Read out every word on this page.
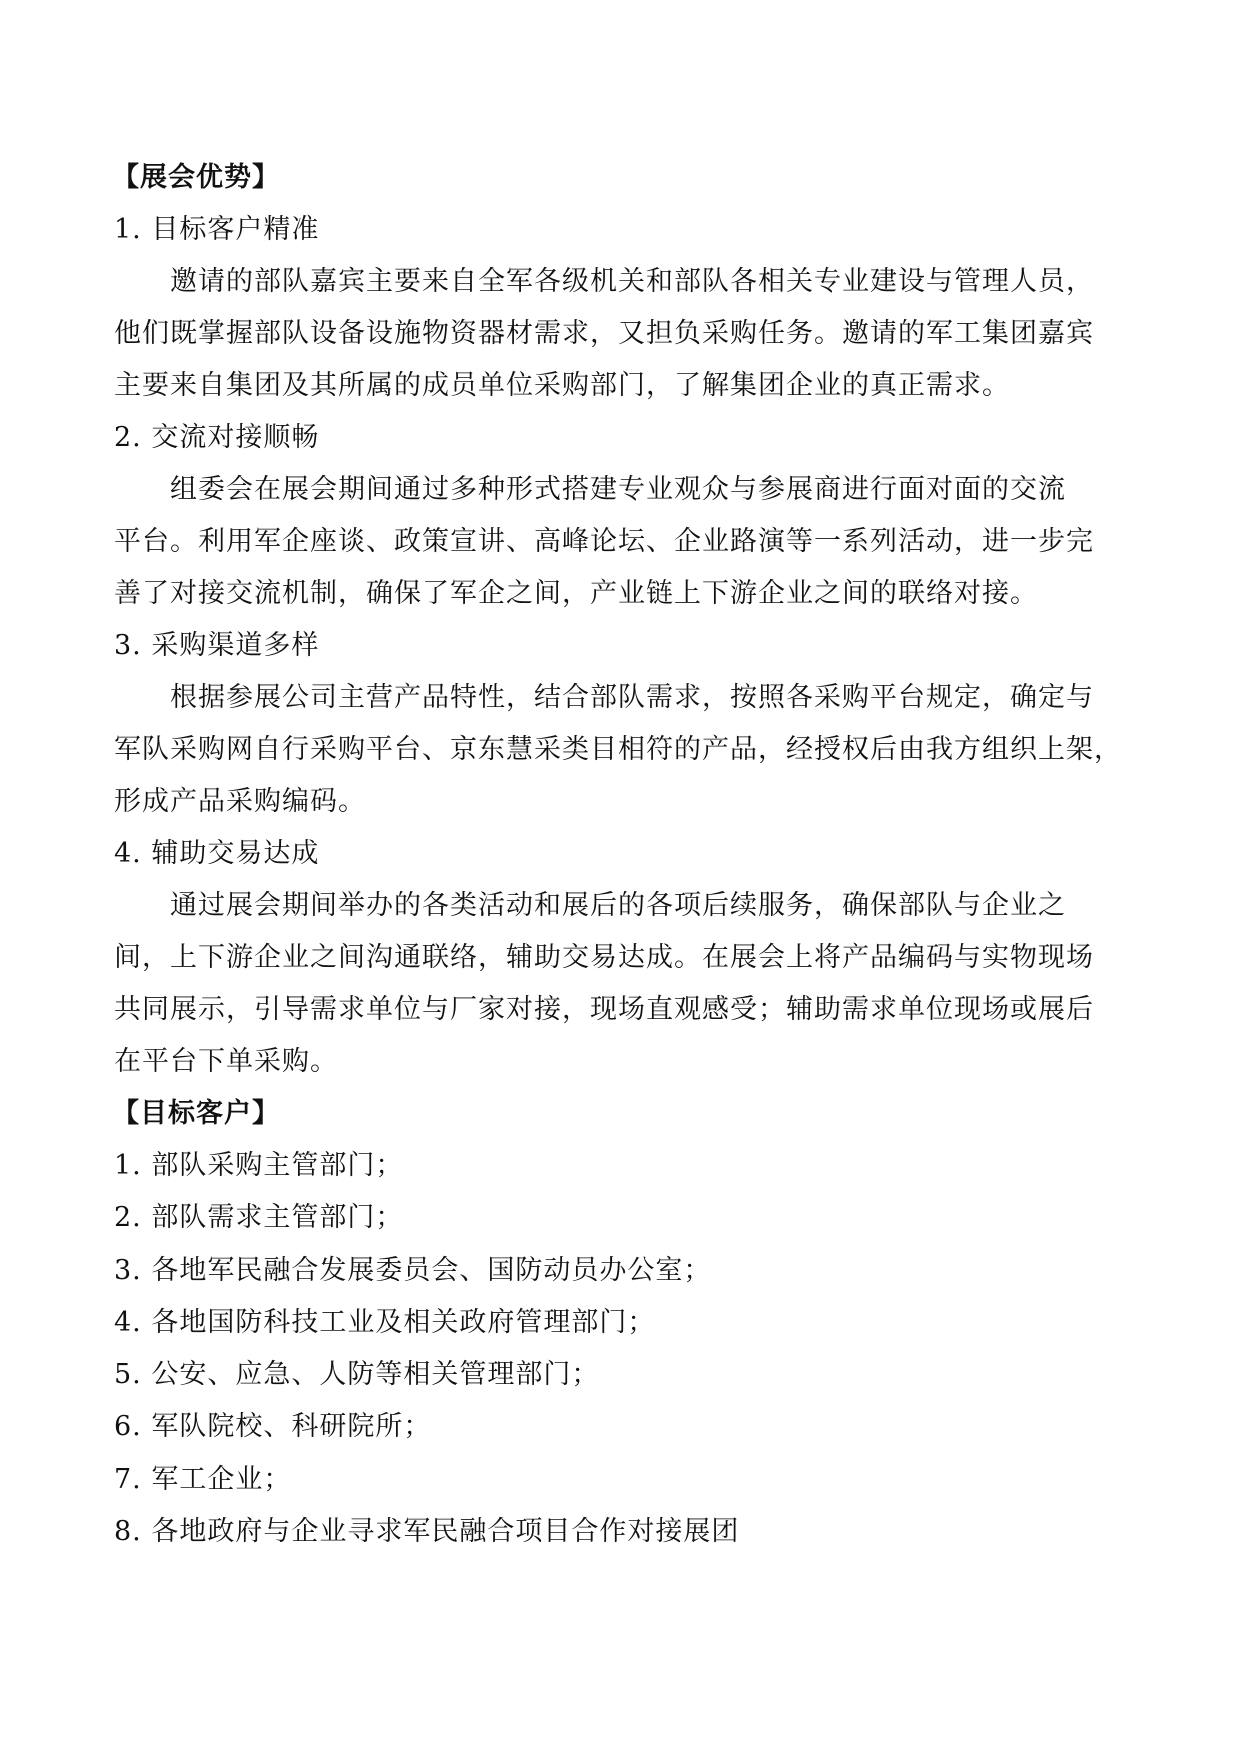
【展会优势】
1. 目标客户精准
邀请的部队嘉宾主要来自全军各级机关和部队各相关专业建设与管理人员，
他们既掌握部队设备设施物资器材需求，又担负采购任务。邀请的军工集团嘉宾
主要来自集团及其所属的成员单位采购部门，了解集团企业的真正需求。
2. 交流对接顺畅
组委会在展会期间通过多种形式搭建专业观众与参展商进行面对面的交流
平台。利用军企座谈、政策宣讲、高峰论坛、企业路演等一系列活动，进一步完
善了对接交流机制，确保了军企之间，产业链上下游企业之间的联络对接。
3. 采购渠道多样
根据参展公司主营产品特性，结合部队需求，按照各采购平台规定，确定与
军队采购网自行采购平台、京东慧采类目相符的产品，经授权后由我方组织上架，
形成产品采购编码。
4. 辅助交易达成
通过展会期间举办的各类活动和展后的各项后续服务，确保部队与企业之
间，上下游企业之间沟通联络，辅助交易达成。在展会上将产品编码与实物现场
共同展示，引导需求单位与厂家对接，现场直观感受；辅助需求单位现场或展后
在平台下单采购。
【目标客户】
1. 部队采购主管部门；
2. 部队需求主管部门；
3. 各地军民融合发展委员会、国防动员办公室；
4. 各地国防科技工业及相关政府管理部门；
5. 公安、应急、人防等相关管理部门；
6. 军队院校、科研院所；
7. 军工企业；
8. 各地政府与企业寻求军民融合项目合作对接展团
